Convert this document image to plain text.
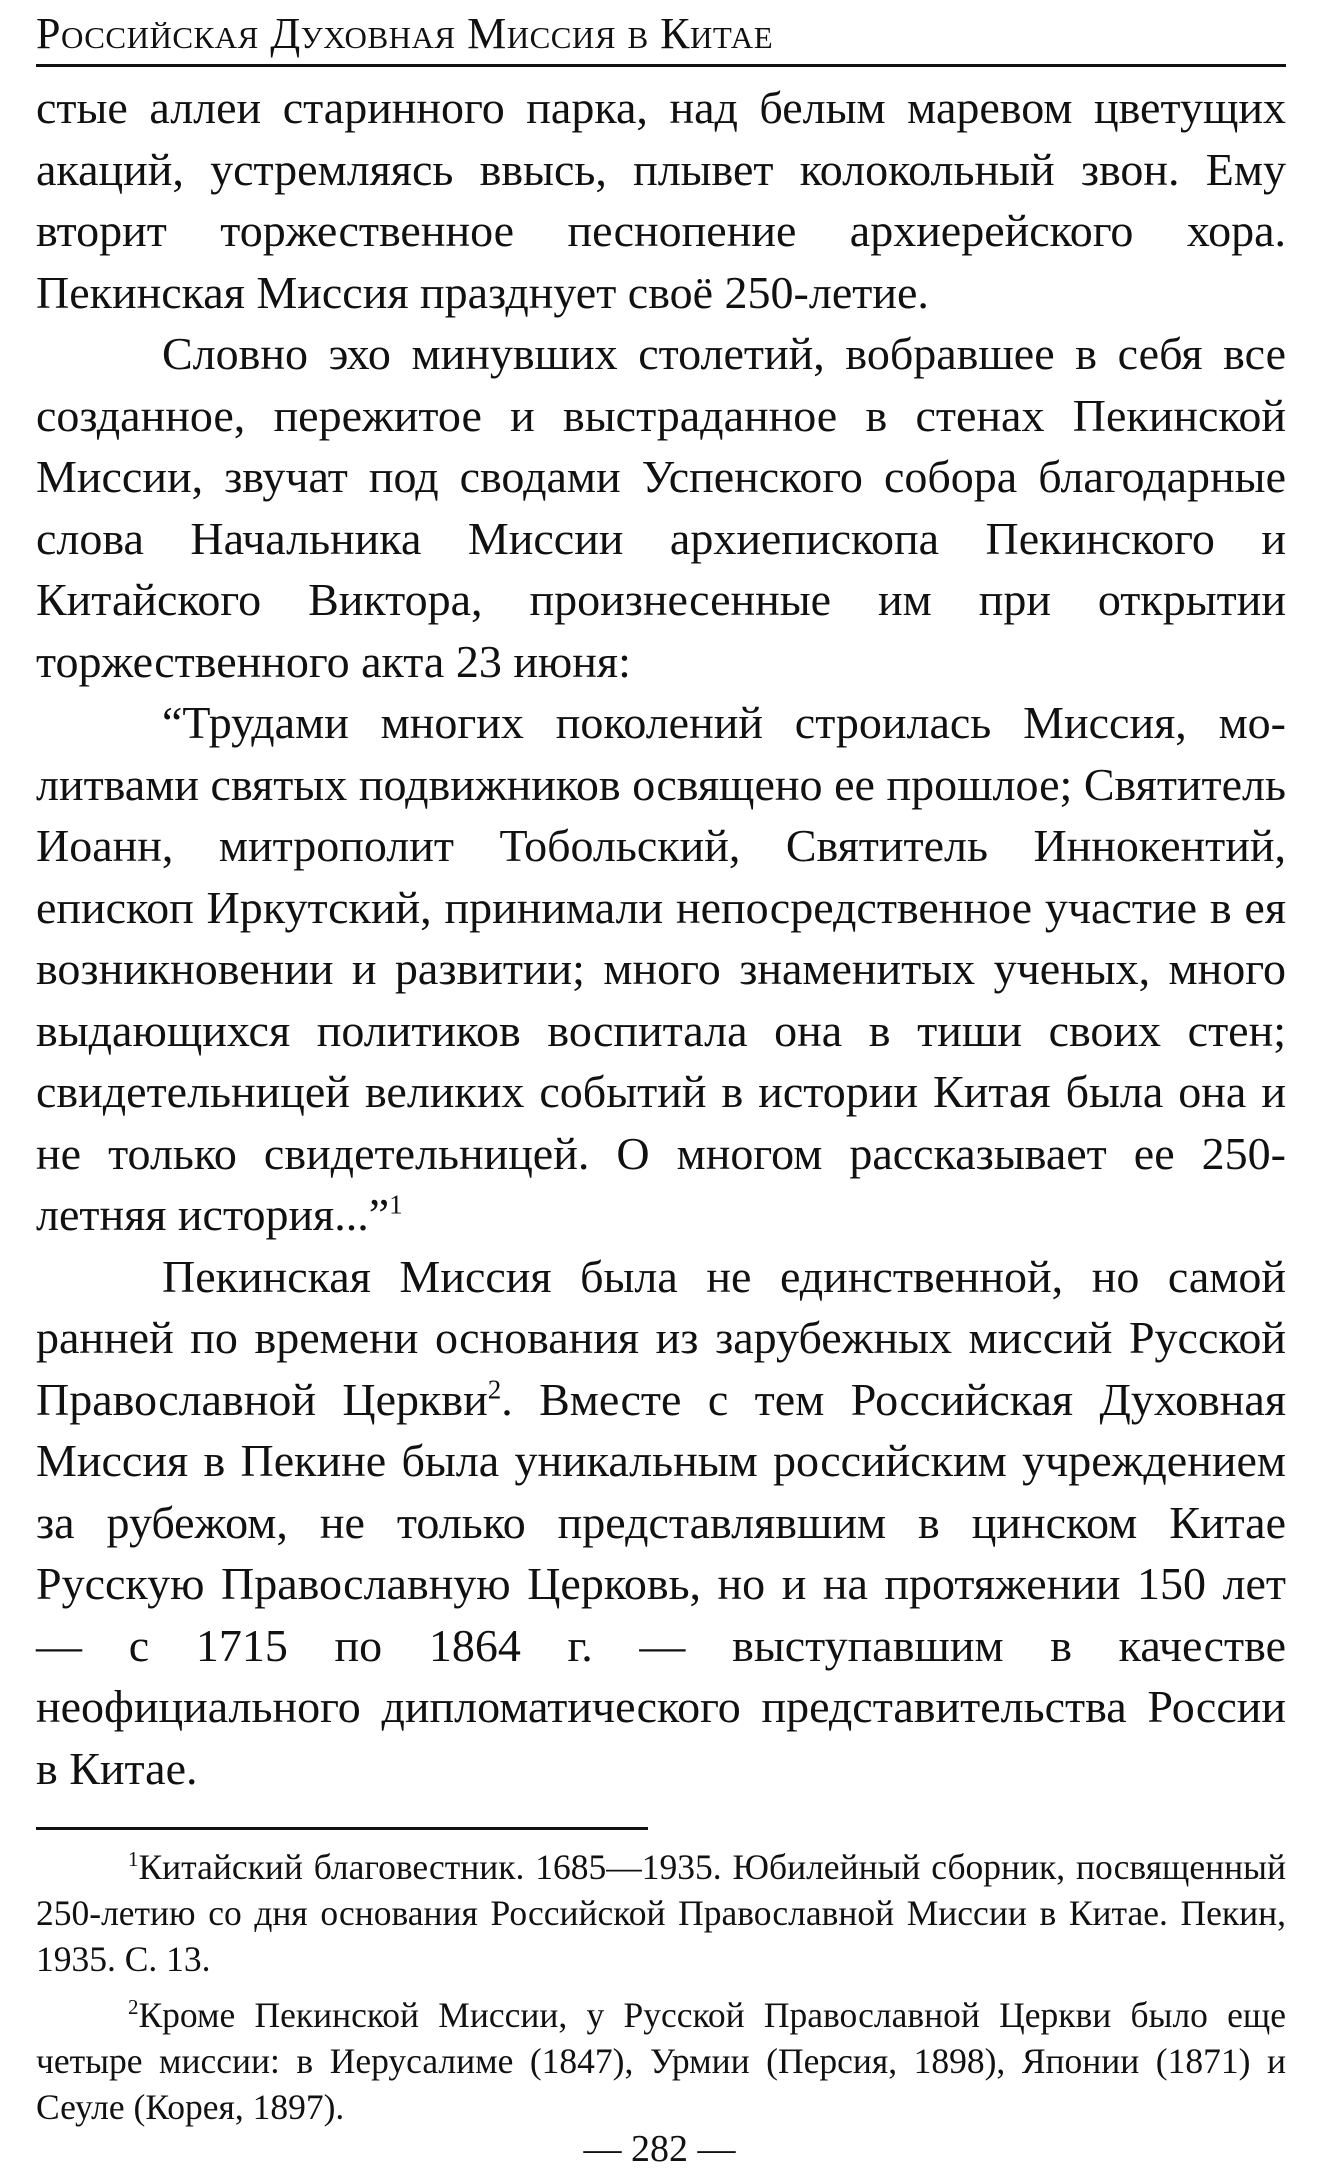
Российская Духовная Миссия в Китае

стые аллеи старинного парка, над белым маревом цветущих акаций, устремляясь ввысь, плывет колокольный звон. Ему вторит торжественное песнопение архиерейского хора. Пекинская Миссия празднует своё 250-летие.

Словно эхо минувших столетий, вобравшее в себя все созданное, пережитое и выстраданное в стенах Пекинской Миссии, звучат под сводами Успенского собора благодарные слова Начальника Миссии архиепископа Пекинского и Китайского Виктора, произнесенные им при открытии торжественного акта 23 июня:

“Трудами многих поколений строилась Миссия, молитвами святых подвижников освящено ее прошлое; Святитель Иоанн, митрополит Тобольский, Святитель Иннокентий, епископ Иркутский, принимали непосредственное участие в ея возникновении и развитии; много знаменитых ученых, много выдающихся политиков воспитала она в тиши своих стен; свидетельницей великих событий в истории Китая была она и не только свидетельницей. О многом рассказывает ее 250-летняя история...”$^1$

Пекинская Миссия была не единственной, но самой ранней по времени основания из зарубежных миссий Русской Православной Церкви$^2$. Вместе с тем Российская Духовная Миссия в Пекине была уникальным российским учреждением за рубежом, не только представлявшим в цинском Китае Русскую Православную Церковь, но и на протяжении 150 лет — с 1715 по 1864 г. — выступавшим в качестве неофициального дипломатического представительства России в Китае.

$^1$Китайский благовестник. 1685—1935. Юбилейный сборник, посвященный 250-летию со дня основания Российской Православной Миссии в Китае. Пекин, 1935. С. 13.

$^2$Кроме Пекинской Миссии, у Русской Православной Церкви было еще четыре миссии: в Иерусалиме (1847), Урмии (Персия, 1898), Японии (1871) и Сеуле (Корея, 1897).

— 282 —
